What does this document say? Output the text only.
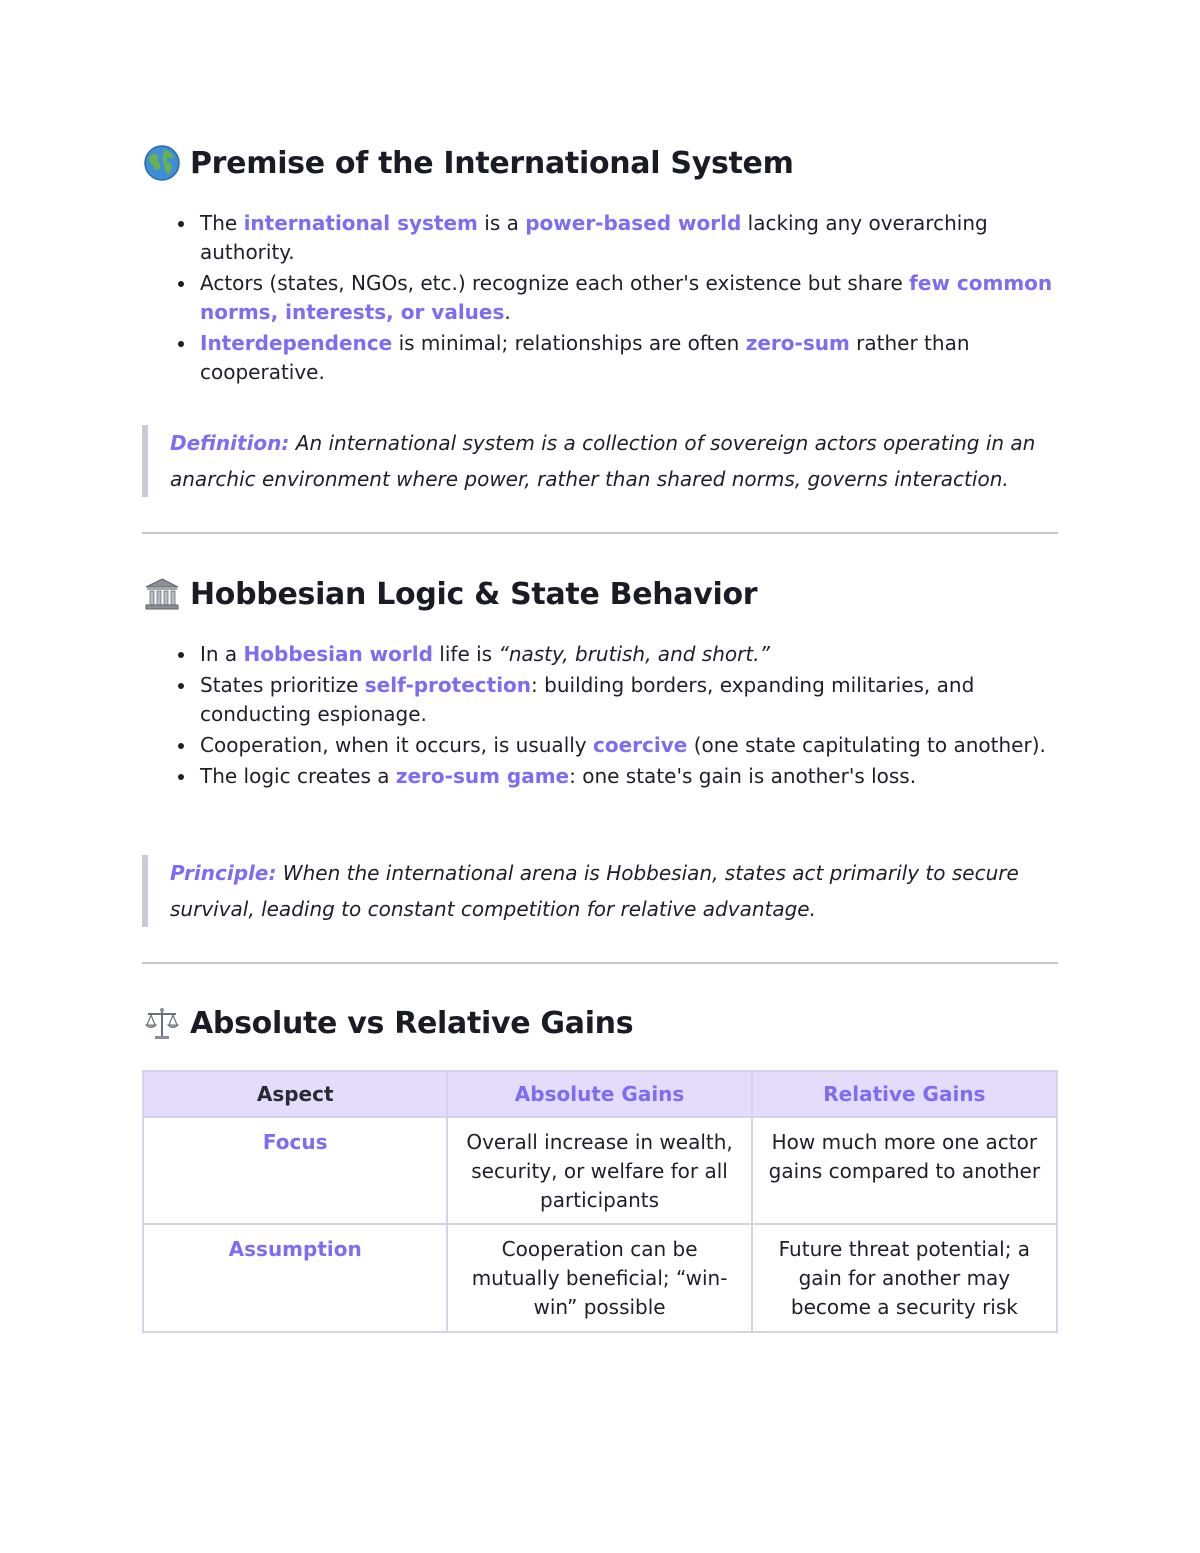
Premise of the International System
The international system is a power-based world lacking any overarching authority.
Actors (states, NGOs, etc.) recognize each other's existence but share few common norms, interests, or values.
Interdependence is minimal; relationships are often zero-sum rather than cooperative.
Definition: An international system is a collection of sovereign actors operating in an anarchic environment where power, rather than shared norms, governs interaction.
Hobbesian Logic & State Behavior
In a Hobbesian world life is “nasty, brutish, and short.”
States prioritize self-protection: building borders, expanding militaries, and conducting espionage.
Cooperation, when it occurs, is usually coercive (one state capitulating to another).
The logic creates a zero-sum game: one state's gain is another's loss.
Principle: When the international arena is Hobbesian, states act primarily to secure survival, leading to constant competition for relative advantage.
Absolute vs Relative Gains
Aspect	Absolute Gains	Relative Gains
Focus	Overall increase in wealth, security, or welfare for all participants	How much more one actor gains compared to another
Assumption	Cooperation can be mutually beneficial; “win-win” possible	Future threat potential; a gain for another may become a security risk
